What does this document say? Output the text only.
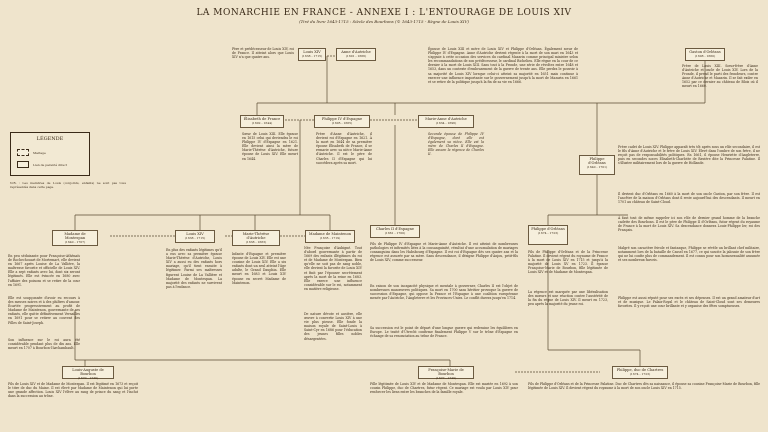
LA MONARCHIE EN FRANCE - ANNEXE I : L'ENTOURAGE DE LOUIS XIV
(Tiré du livre 1643-1715 : Siècle des Bourbons (© 1643-1715 - Règne de Louis XIV)
LÉGENDE
Mariage
Lien de parenté direct
N.B. : Les membres de Louis (conjoints, enfants) ne sont pas tous représentés dans cette page.
Louis XIV
(1638 - 1715)
Anne d'Autriche
(1601 - 1666)
Gaston d'Orléans
(1608 - 1660)
Père et prédécesseur de Louis XIV, roi de France. Il atteint alors que Louis XIV n'a que quatre ans.
Épouse de Louis XIII et mère de Louis XIV et Philippe d'Orléans. Également sœur de Philippe IV d'Espagne. Anne d'Autriche devient régente à la mort de son mari en 1643 et s'appuie à cette occasion des services du cardinal Mazarin comme principal ministre selon les recommandations de son prédécesseur, le cardinal Richelieu. Elle règne en la cour de ce dernier à la mort de Louis XIII. Sans tout à la Fronde, une série de révoltes entre 1648 et 1653, dans un contexte d'embrasement de la guerre de trente ans. Elle perdra le pouvoir à sa majorité de Louis XIV lorsque celui-ci atteint sa majorité en 1651 mais continue à exercer une influence importante sur le gouvernement jusqu'à la mort de Mazarin en 1661 et se retire de la politique jusqu'à la fin de sa vie en 1666.
Frère de Louis XIII. Sœur-frère d'Anne d'Autriche et oncle de Louis XIV. Lors de la Fronde, il prend le parti des frondeurs, contre Anne d'Autriche et Mazarin. Il se fait exiler en 1652 par ce dernier au château de Blois où il meurt en 1660.
Élisabeth de France
(1602 - 1644)
Philippe IV d'Espagne
(1605 - 1665)
Marie-Anne d'Autriche
(1634 - 1696)
Philippe d'Orléans
(1640 - 1701)
Sœur de Louis XIII. Elle épouse en 1615 celui qui deviendra le roi Philippe IV d'Espagne en 1621. Elle devient ainsi la mère de Marie-Thérèse d'Autriche, future épouse de Louis XIV. Elle meurt en 1644.
Frère d'Anne d'Autriche, il devient roi d'Espagne en 1621. À la mort en 1644 de sa première épouse Élisabeth de France, il se remarie avec sa nièce Marie-Anne d'Autriche. Il est le père de Charles II d'Espagne qui lui succédera après sa mort.
Seconde épouse de Philippe IV d'Espagne, dont elle est également sa nièce. Elle est la mère de Charles II d'Espagne. Elle assure la régence de Charles II.
Frère cadet de Louis XIV. Philippe apparaît très tôt après sous un rôle secondaire, il est le fils d'Anne d'Autriche et le frère de Louis XIV. Élevé dans l'ombre de son frère, il ne reçoit pas de responsabilités politiques. En 1661, il épouse Henriette d'Angleterre, puis en secondes noces Élisabeth-Charlotte de Bavière dite la Princesse Palatine. Il s'illustre militairement lors de la guerre de Hollande.
Il devient duc d'Orléans en 1660 à la mort de son oncle Gaston, par son frère. Il est l'ancêtre de la maison d'Orléans dont il reste aujourd'hui des descendants. Il meurt en 1701 au château de Saint-Cloud.
À faut tout de même rappeler ici son rôle de dernier grand homme de la branche cadette des Bourbons. Il est le père de Philippe II d'Orléans, futur régent du royaume de France à la mort de Louis XIV. Sa descendance donnera Louis-Philippe Ier, roi des Français.
Malgré son caractère frivole et fantasque, Philippe se révèle un brillant chef militaire, notamment lors de la bataille de Cassel en 1677, ce qui suscite la jalousie de son frère qui ne lui confie plus de commandement. Il est connu pour son homosexualité assumée et ses nombreux favoris.
Philippe est aussi réputé pour ses excès et ses dépenses. Il est un grand amateur d'art et de musique. Le Palais-Royal et le château de Saint-Cloud sont ses demeures favorites. Il y reçoit une cour brillante et y organise des fêtes somptueuses.
Madame de Montespan
(1640 - 1707)
Louis XIV
(1638 - 1715)
Marie-Thérèse d'Autriche
(1638 - 1683)
Madame de Maintenon
(1635 - 1719)
Charles II d'Espagne
(1661 - 1700)
Philippe d'Orléans
(1674 - 1723)
En peu séduisante pour Françoise-Athénaïs de Rochechouart de Mortemart, elle devient en 1667 après Louise de La Vallière, la maîtresse favorite et officielle de Louis XIV. Elle a sept enfants avec lui, dont six seront légitimés. Elle est évincée en 1680 avec l'affaire des poisons et se retire de la cour en 1691.
Elle est soupçonnée d'avoir eu recours à des messes noires et à des philtres d'amour. Écartée progressivement au profit de Madame de Maintenon, gouvernante de ses enfants, elle quitte définitivement Versailles en 1691 pour se retirer au couvent des Filles de Saint-Joseph.
Son influence sur le roi aura été considérable pendant plus de dix ans. Elle meurt en 1707 à Bourbon-l'Archambault.
En plus des enfants légitimes qu'il a eus avec sa première épouse Marie-Thérèse d'Autriche, Louis XIV a aussi eu des enfants hors mariage, qu'il tient ensuite à légitimer. Parmi ses maîtresses figurent Louise de La Vallière et Madame de Montespan. La majorité des enfants ne survivent pas à l'enfance.
Infante d'Espagne et première épouse de Louis XIV. Elle est une cousine de Louis XIV. Elle a six enfants dont un seul atteint l'âge adulte, le Grand Dauphin. Elle meurt en 1683 et Louis XIV épouse en secret Madame de Maintenon.
Née Françoise d'Aubigné. Tout d'abord gouvernante à partir de 1669 des enfants illégitimes du roi et de Madame de Montespan. Bien qu'elle ne soit pas de sang noble, elle devient la favorite de Louis XIV et finit par l'épouser secrètement après la mort de la reine en 1683. Elle exerce une influence considérable sur le roi, notamment en matière religieuse.
De nature dévote et austère, elle œuvre à convertir Louis XIV à une vie plus pieuse. Elle fonde la maison royale de Saint-Louis à Saint-Cyr en 1686 pour l'éducation des jeunes filles nobles désargentées.
Fils de Philippe IV d'Espagne et Marie-Anne d'Autriche. Il est atteint de nombreuses pathologies et infirmités liées à la consanguinité, résultat d'une accumulation de mariages consanguins dans les Habsbourg d'Espagne. Il est roi d'Espagne dès ses quatre ans et la régence est assurée par sa mère. Sans descendance, il désigne Philippe d'Anjou, petit-fils de Louis XIV, comme successeur.
En raison de son incapacité physique et mentale à gouverner, Charles II est l'objet de nombreuses manœuvres politiques. Sa mort en 1700 sans héritier provoque la guerre de succession d'Espagne, qui oppose la France et l'Espagne à une coalition européenne menée par l'Autriche, l'Angleterre et les Provinces-Unies. Le conflit durera jusqu'en 1714.
Sa succession est le point de départ d'une longue guerre qui redessine les équilibres en Europe. Le traité d'Utrecht confirme finalement Philippe V sur le trône d'Espagne en échange de sa renonciation au trône de France.
Fils de Philippe d'Orléans et de la Princesse Palatine. Il devient régent du royaume de France à la mort de Louis XIV en 1715 et jusqu'à la majorité de Louis XV en 1723. Il épouse Françoise-Marie de Bourbon, fille légitimée de Louis XIV et de Madame de Montespan.
La régence est marquée par une libéralisation des mœurs et une réaction contre l'austérité de la fin du règne de Louis XIV. Il meurt en 1723, peu après la majorité du jeune roi.
Louis-Auguste de Bourbon
(1670 - 1736)
Françoise-Marie de Bourbon
(1677 - 1749)
Philippe, duc de Chartres
(1674 - 1723)
Fils de Louis XIV et de Madame de Montespan. Il est légitimé en 1673 et reçoit le titre de duc du Maine. Il est élevé par Madame de Maintenon qui lui porte une grande affection. Louis XIV l'élève au rang de prince du sang et l'inclut dans la succession au trône.
Fille légitimée de Louis XIV et de Madame de Montespan. Elle est mariée en 1692 à son cousin Philippe, duc de Chartres, futur régent. Ce mariage est voulu par Louis XIV pour renforcer les liens entre les branches de la famille royale.
Fils de Philippe d'Orléans et de la Princesse Palatine. Duc de Chartres dès sa naissance, il épouse sa cousine Françoise-Marie de Bourbon, fille légitimée de Louis XIV. Il devient régent du royaume à la mort de son oncle Louis XIV en 1715.
